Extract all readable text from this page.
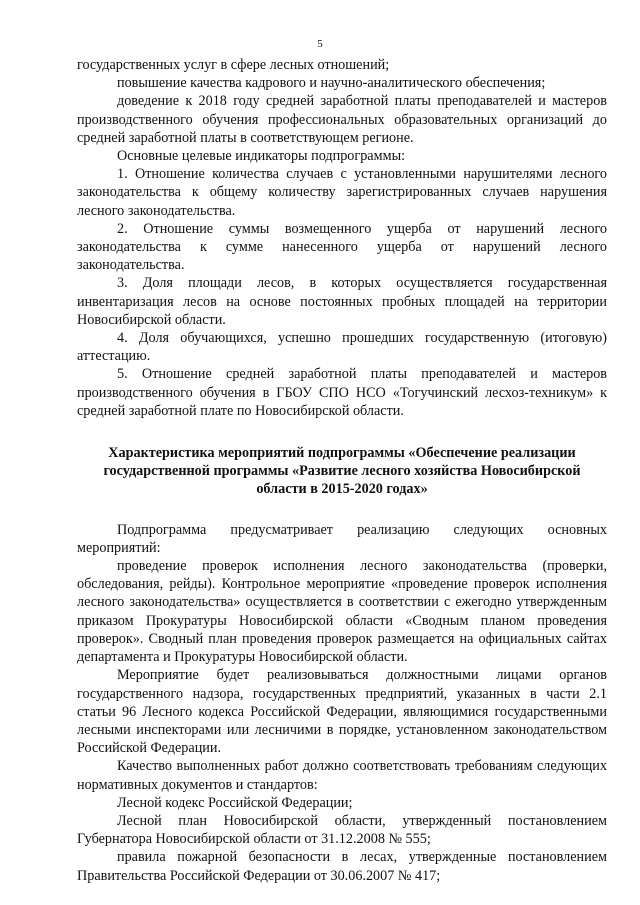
5

государственных услуг в сфере лесных отношений;

повышение качества кадрового и научно-аналитического обеспечения;

доведение к 2018 году средней заработной платы преподавателей и мастеров производственного обучения профессиональных образовательных организаций до средней заработной платы в соответствующем регионе.

Основные целевые индикаторы подпрограммы:

1. Отношение количества случаев с установленными нарушителями лесного законодательства к общему количеству зарегистрированных случаев нарушения лесного законодательства.

2. Отношение суммы возмещенного ущерба от нарушений лесного законодательства к сумме нанесенного ущерба от нарушений лесного законодательства.

3. Доля площади лесов, в которых осуществляется государственная инвентаризация лесов на основе постоянных пробных площадей на территории Новосибирской области.

4. Доля обучающихся, успешно прошедших государственную (итоговую) аттестацию.

5. Отношение средней заработной платы преподавателей и мастеров производственного обучения в ГБОУ СПО НСО «Тогучинский лесхоз-техникум» к средней заработной плате по Новосибирской области.

Характеристика мероприятий подпрограммы «Обеспечение реализации государственной программы «Развитие лесного хозяйства Новосибирской области в 2015-2020 годах»

Подпрограмма предусматривает реализацию следующих основных мероприятий:

проведение проверок исполнения лесного законодательства (проверки, обследования, рейды). Контрольное мероприятие «проведение проверок исполнения лесного законодательства» осуществляется в соответствии с ежегодно утвержденным приказом Прокуратуры Новосибирской области «Сводным планом проведения проверок». Сводный план проведения проверок размещается на официальных сайтах департамента и Прокуратуры Новосибирской области.

Мероприятие будет реализовываться должностными лицами органов государственного надзора, государственных предприятий, указанных в части 2.1 статьи 96 Лесного кодекса Российской Федерации, являющимися государственными лесными инспекторами или лесничими в порядке, установленном законодательством Российской Федерации.

Качество выполненных работ должно соответствовать требованиям следующих нормативных документов и стандартов:

Лесной кодекс Российской Федерации;

Лесной план Новосибирской области, утвержденный постановлением Губернатора Новосибирской области от 31.12.2008 № 555;

правила пожарной безопасности в лесах, утвержденные постановлением Правительства Российской Федерации от 30.06.2007 № 417;
